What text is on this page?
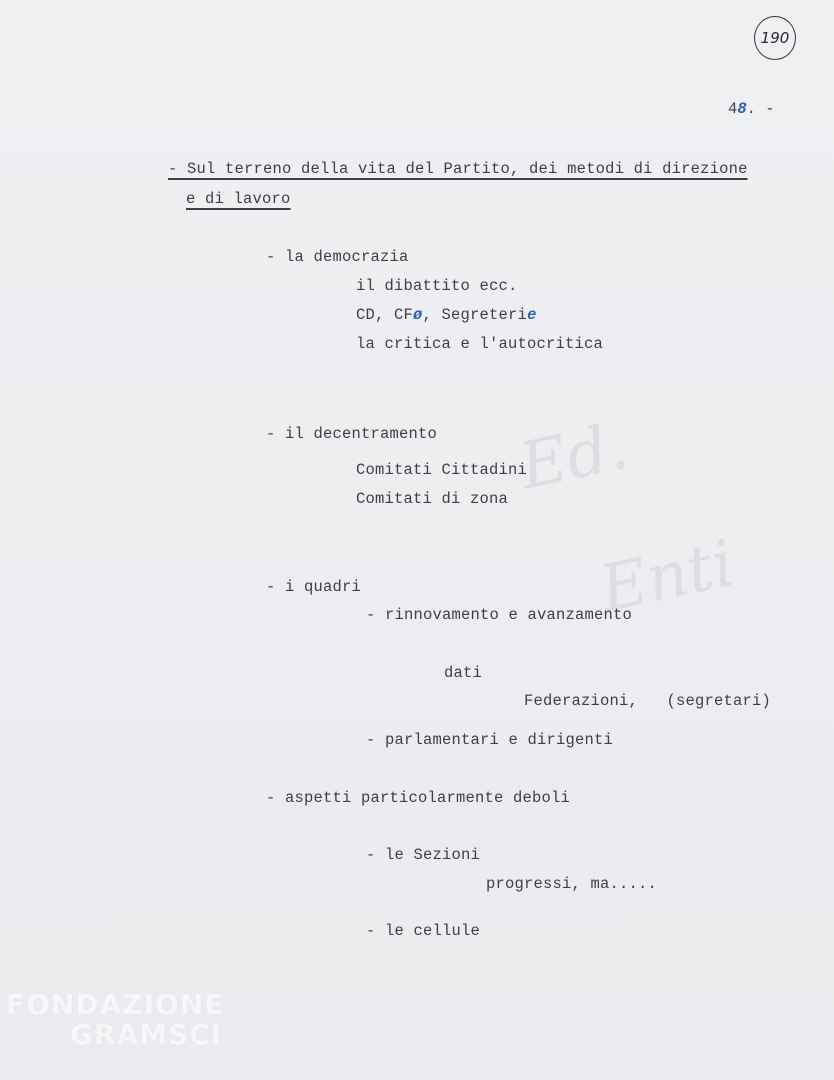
Ed.
Enti
190
48. -
- Sul terreno della vita del Partito, dei metodi di direzione
e di lavoro
- la democrazia
il dibattito ecc.
CD, CFø, Segreterie
la critica e l'autocritica
- il decentramento
Comitati Cittadini
Comitati di zona
- i quadri
- rinnovamento e avanzamento
dati
Federazioni,   (segretari)
- parlamentari e dirigenti
- aspetti particolarmente deboli
- le Sezioni
progressi, ma.....
- le cellule
FONDAZIONE
GRAMSCI
